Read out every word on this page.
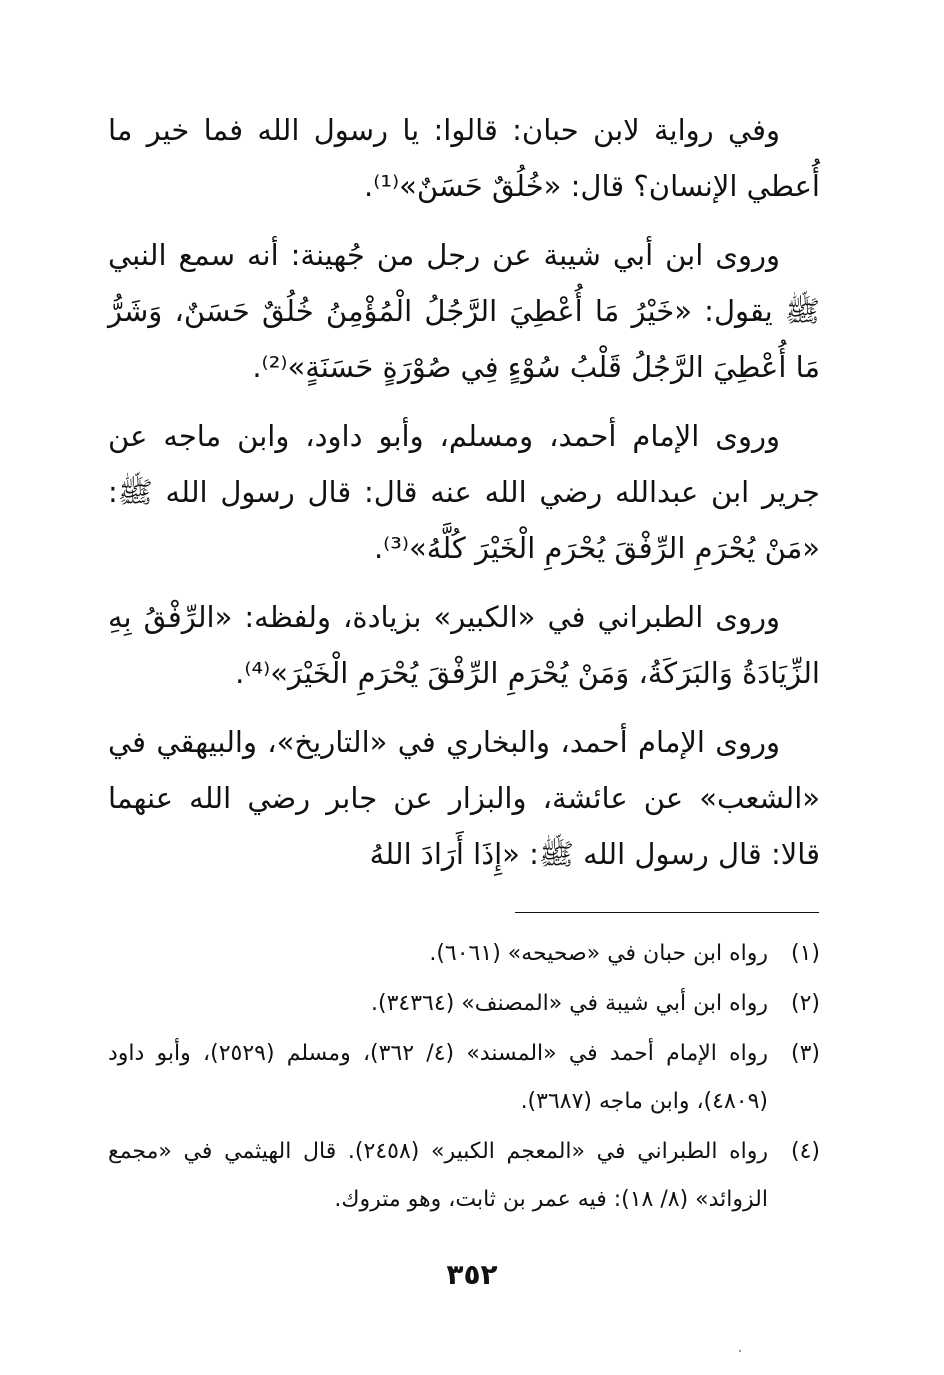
وفي رواية لابن حبان: قالوا: يا رسول الله فما خير ما أُعطي الإنسان؟ قال: «خُلُقٌ حَسَنٌ»⁽¹⁾.

وروى ابن أبي شيبة عن رجل من جُهينة: أنه سمع النبي ﷺ يقول: «خَيْرُ مَا أُعْطِيَ الرَّجُلُ الْمُؤْمِنُ خُلُقٌ حَسَنٌ، وَشَرُّ مَا أُعْطِيَ الرَّجُلُ قَلْبُ سُوْءٍ فِي صُوْرَةٍ حَسَنَةٍ»⁽²⁾.

وروى الإمام أحمد، ومسلم، وأبو داود، وابن ماجه عن جرير ابن عبدالله رضي الله عنه قال: قال رسول الله ﷺ: «مَنْ يُحْرَمِ الرِّفْقَ يُحْرَمِ الْخَيْرَ كُلَّهُ»⁽³⁾.

وروى الطبراني في «الكبير» بزيادة، ولفظه: «الرِّفْقُ بِهِ الزِّيَادَةُ وَالبَرَكَةُ، وَمَنْ يُحْرَمِ الرِّفْقَ يُحْرَمِ الْخَيْرَ»⁽⁴⁾.

وروى الإمام أحمد، والبخاري في «التاريخ»، والبيهقي في «الشعب» عن عائشة، والبزار عن جابر رضي الله عنهما قالا: قال رسول الله ﷺ: «إِذَا أَرَادَ اللهُ

(١)
رواه ابن حبان في «صحيحه» (٦٠٦١).
(٢)
رواه ابن أبي شيبة في «المصنف» (٣٤٣٦٤).
(٣)
رواه الإمام أحمد في «المسند» (٤/ ٣٦٢)، ومسلم (٢٥٢٩)، وأبو داود (٤٨٠٩)، وابن ماجه (٣٦٨٧).
(٤)
رواه الطبراني في «المعجم الكبير» (٢٤٥٨). قال الهيثمي في «مجمع الزوائد» (٨/ ١٨): فيه عمر بن ثابت، وهو متروك.
٣٥٢
